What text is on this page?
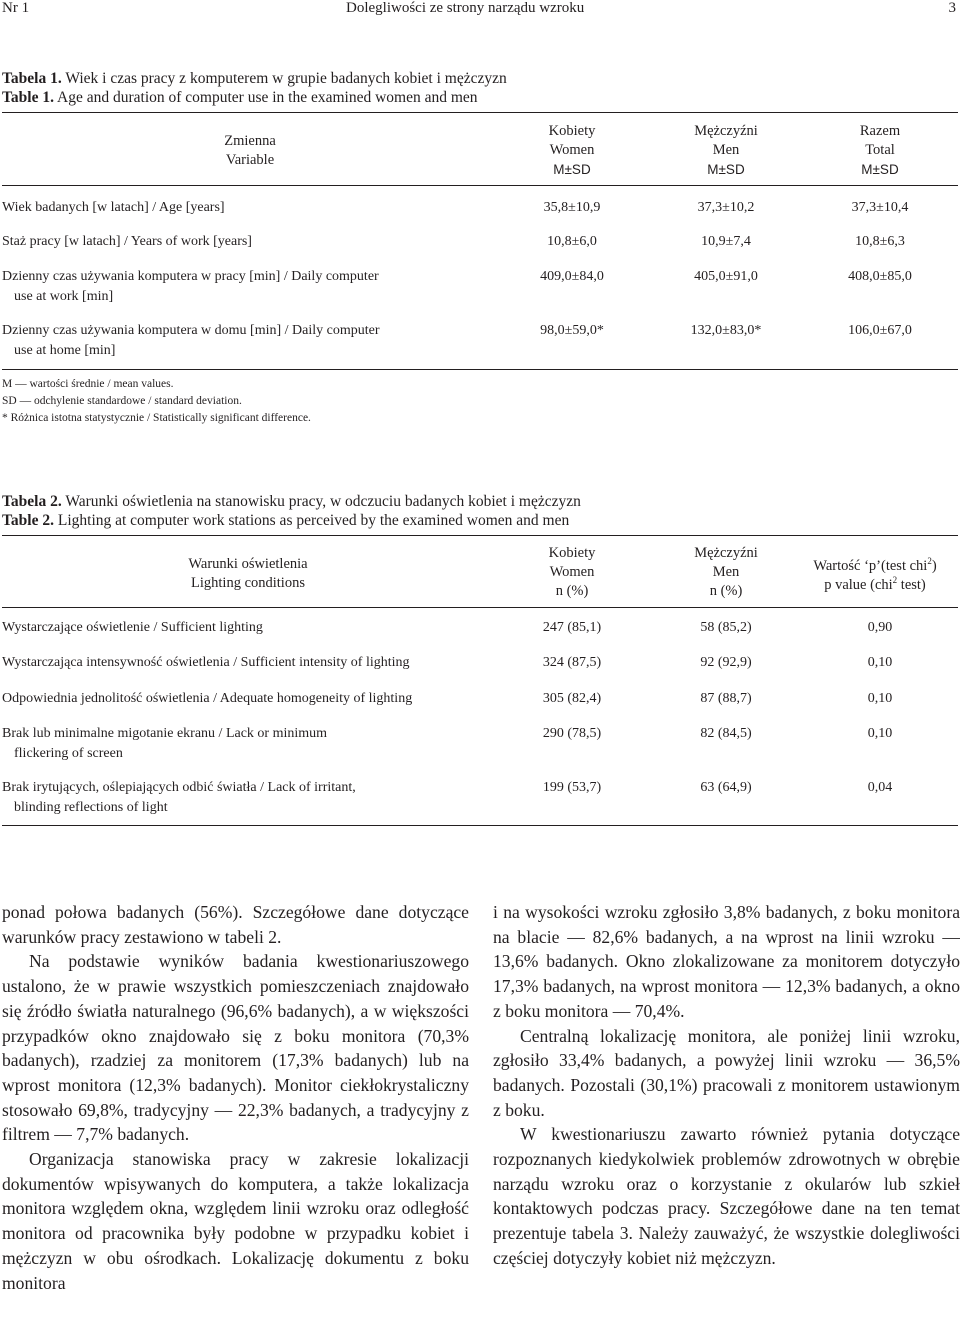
Nr 1	Dolegliwości ze strony narządu wzroku	3
Tabela 1. Wiek i czas pracy z komputerem w grupie badanych kobiet i mężczyzn
Table 1. Age and duration of computer use in the examined women and men
Zmienna
Variable
Kobiety
Women
M±SD
Mężczyźni
Men
M±SD
Razem
Total
M±SD
Wiek badanych [w latach] / Age [years]	35,8±10,9	37,3±10,2	37,3±10,4
Staż pracy [w latach] / Years of work [years]	10,8±6,0	10,9±7,4	10,8±6,3
Dzienny czas używania komputera w pracy [min] / Daily computer
use at work [min]
409,0±84,0	405,0±91,0	408,0±85,0
Dzienny czas używania komputera w domu [min] / Daily computer
use at home [min]
98,0±59,0*	132,0±83,0*	106,0±67,0
M — wartości średnie / mean values.
SD — odchylenie standardowe / standard deviation.
* Różnica istotna statystycznie / Statistically significant difference.
Tabela 2. Warunki oświetlenia na stanowisku pracy, w odczuciu badanych kobiet i mężczyzn
Table 2. Lighting at computer work stations as perceived by the examined women and men
Warunki oświetlenia
Lighting conditions
Kobiety
Women
n (%)
Mężczyźni
Men
n (%)
Wartość ‘p’(test chi$^2$)
p value (chi$^2$ test)
Wystarczające oświetlenie / Sufficient lighting	247 (85,1)	58 (85,2)	0,90
Wystarczająca intensywność oświetlenia / Sufficient intensity of lighting	324 (87,5)	92 (92,9)	0,10
Odpowiednia jednolitość oświetlenia / Adequate homogeneity of lighting	305 (82,4)	87 (88,7)	0,10
Brak lub minimalne migotanie ekranu / Lack or minimum
flickering of screen
290 (78,5)	82 (84,5)	0,10
Brak irytujących, oślepiających odbić światła / Lack of irritant,
blinding reflections of light
199 (53,7)	63 (64,9)	0,04

ponad połowa badanych (56%). Szczegółowe dane dotyczące warunków pracy zestawiono w tabeli 2.

Na podstawie wyników badania kwestionariuszowego ustalono, że w prawie wszystkich pomieszczeniach znajdowało się źródło światła naturalnego (96,6% badanych), a w większości przypadków okno znajdowało się z boku monitora (70,3% badanych), rzadziej za monitorem (17,3% badanych) lub na wprost monitora (12,3% badanych). Monitor ciekłokrystaliczny stosowało 69,8%, tradycyjny — 22,3% badanych, a tradycyjny z filtrem — 7,7% badanych.

Organizacja stanowiska pracy w zakresie lokalizacji dokumentów wpisywanych do komputera, a także lokalizacja monitora względem okna, względem linii wzroku oraz odległość monitora od pracownika były podobne w przypadku kobiet i mężczyzn w obu ośrodkach. Lokalizację dokumentu z boku monitora

i na wysokości wzroku zgłosiło 3,8% badanych, z boku monitora na blacie — 82,6% badanych, a na wprost na linii wzroku — 13,6% badanych. Okno zlokalizowane za monitorem dotyczyło 17,3% badanych, na wprost monitora — 12,3% badanych, a okno z boku monitora — 70,4%.

Centralną lokalizację monitora, ale poniżej linii wzroku, zgłosiło 33,4% badanych, a powyżej linii wzroku — 36,5% badanych. Pozostali (30,1%) pracowali z monitorem ustawionym z boku.

W kwestionariuszu zawarto również pytania dotyczące rozpoznanych kiedykolwiek problemów zdrowotnych w obrębie narządu wzroku oraz o korzystanie z okularów lub szkieł kontaktowych podczas pracy. Szczegółowe dane na ten temat prezentuje tabela 3. Należy zauważyć, że wszystkie dolegliwości częściej dotyczyły kobiet niż mężczyzn.
